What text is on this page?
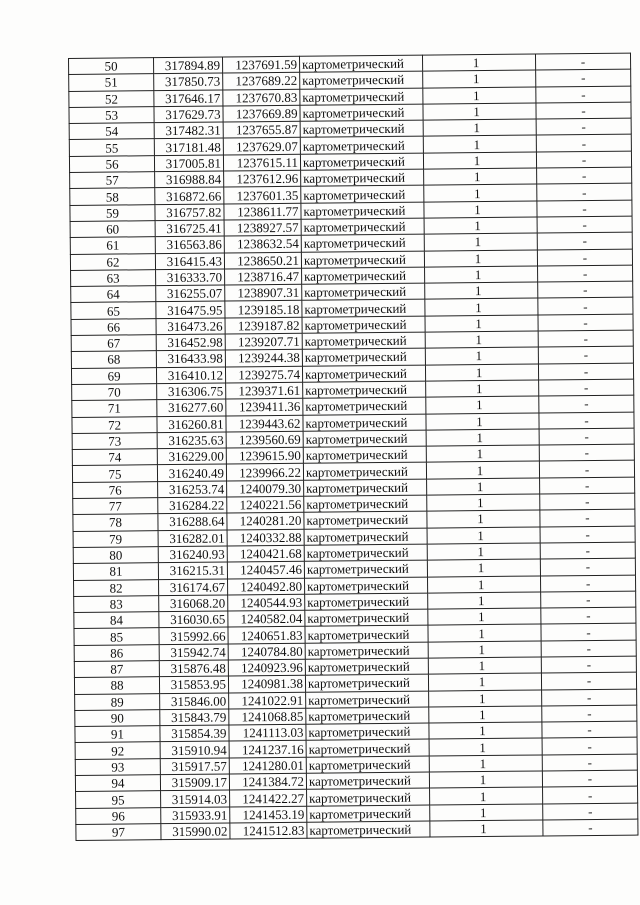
50	317894.89	1237691.59	картометрический	1	-
51	317850.73	1237689.22	картометрический	1	-
52	317646.17	1237670.83	картометрический	1	-
53	317629.73	1237669.89	картометрический	1	-
54	317482.31	1237655.87	картометрический	1	-
55	317181.48	1237629.07	картометрический	1	-
56	317005.81	1237615.11	картометрический	1	-
57	316988.84	1237612.96	картометрический	1	-
58	316872.66	1237601.35	картометрический	1	-
59	316757.82	1238611.77	картометрический	1	-
60	316725.41	1238927.57	картометрический	1	-
61	316563.86	1238632.54	картометрический	1	-
62	316415.43	1238650.21	картометрический	1	-
63	316333.70	1238716.47	картометрический	1	-
64	316255.07	1238907.31	картометрический	1	-
65	316475.95	1239185.18	картометрический	1	-
66	316473.26	1239187.82	картометрический	1	-
67	316452.98	1239207.71	картометрический	1	-
68	316433.98	1239244.38	картометрический	1	-
69	316410.12	1239275.74	картометрический	1	-
70	316306.75	1239371.61	картометрический	1	-
71	316277.60	1239411.36	картометрический	1	-
72	316260.81	1239443.62	картометрический	1	-
73	316235.63	1239560.69	картометрический	1	-
74	316229.00	1239615.90	картометрический	1	-
75	316240.49	1239966.22	картометрический	1	-
76	316253.74	1240079.30	картометрический	1	-
77	316284.22	1240221.56	картометрический	1	-
78	316288.64	1240281.20	картометрический	1	-
79	316282.01	1240332.88	картометрический	1	-
80	316240.93	1240421.68	картометрический	1	-
81	316215.31	1240457.46	картометрический	1	-
82	316174.67	1240492.80	картометрический	1	-
83	316068.20	1240544.93	картометрический	1	-
84	316030.65	1240582.04	картометрический	1	-
85	315992.66	1240651.83	картометрический	1	-
86	315942.74	1240784.80	картометрический	1	-
87	315876.48	1240923.96	картометрический	1	-
88	315853.95	1240981.38	картометрический	1	-
89	315846.00	1241022.91	картометрический	1	-
90	315843.79	1241068.85	картометрический	1	-
91	315854.39	1241113.03	картометрический	1	-
92	315910.94	1241237.16	картометрический	1	-
93	315917.57	1241280.01	картометрический	1	-
94	315909.17	1241384.72	картометрический	1	-
95	315914.03	1241422.27	картометрический	1	-
96	315933.91	1241453.19	картометрический	1	-
97	315990.02	1241512.83	картометрический	1	-
